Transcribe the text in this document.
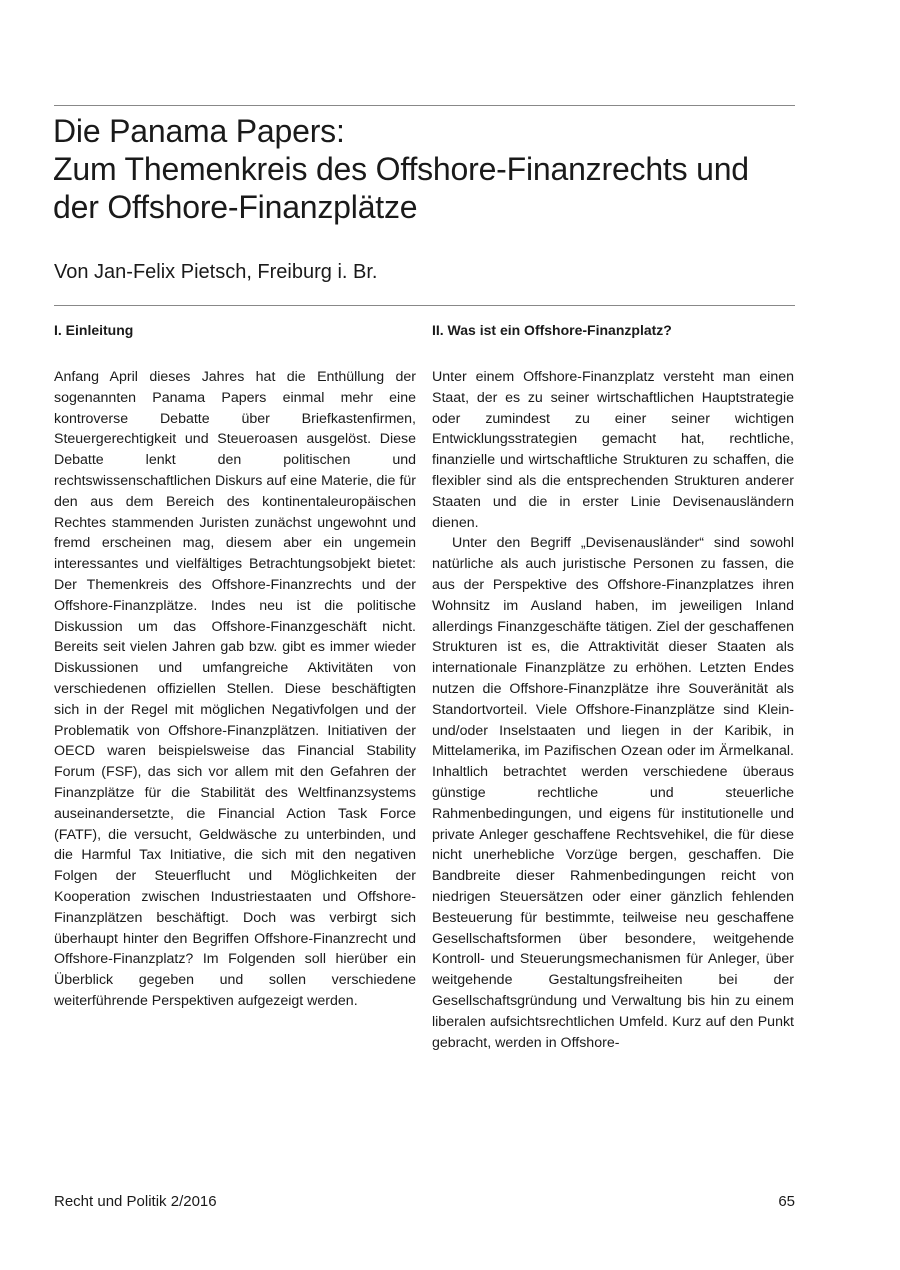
Die Panama Papers:
Zum Themenkreis des Offshore-Finanzrechts und
der Offshore-Finanzplätze

Von Jan-Felix Pietsch, Freiburg i. Br.

I. Einleitung

Anfang April dieses Jahres hat die Enthüllung der sogenannten Panama Papers einmal mehr eine kontroverse Debatte über Briefkastenfirmen, Steuergerechtigkeit und Steueroasen ausgelöst. Diese Debatte lenkt den politischen und rechtswissenschaftlichen Diskurs auf eine Materie, die für den aus dem Bereich des kontinentaleuropäischen Rechtes stammenden Juristen zunächst ungewohnt und fremd erscheinen mag, diesem aber ein ungemein interessantes und vielfältiges Betrachtungsobjekt bietet: Der Themenkreis des Offshore-Finanzrechts und der Offshore-Finanzplätze. Indes neu ist die politische Diskussion um das Offshore-Finanzgeschäft nicht. Bereits seit vielen Jahren gab bzw. gibt es immer wieder Diskussionen und umfangreiche Aktivitäten von verschiedenen offiziellen Stellen. Diese beschäftigten sich in der Regel mit möglichen Negativfolgen und der Problematik von Offshore-Finanzplätzen. Initiativen der OECD waren beispielsweise das Financial Stability Forum (FSF), das sich vor allem mit den Gefahren der Finanzplätze für die Stabilität des Weltfinanzsystems auseinandersetzte, die Financial Action Task Force (FATF), die versucht, Geldwäsche zu unterbinden, und die Harmful Tax Initiative, die sich mit den negativen Folgen der Steuerflucht und Möglichkeiten der Kooperation zwischen Industriestaaten und Offshore-Finanzplätzen beschäftigt. Doch was verbirgt sich überhaupt hinter den Begriffen Offshore-Finanzrecht und Offshore-Finanzplatz? Im Folgenden soll hierüber ein Überblick gegeben und sollen verschiedene weiterführende Perspektiven aufgezeigt werden.

II. Was ist ein Offshore-Finanzplatz?

Unter einem Offshore-Finanzplatz versteht man einen Staat, der es zu seiner wirtschaftlichen Hauptstrategie oder zumindest zu einer seiner wichtigen Entwicklungsstrategien gemacht hat, rechtliche, finanzielle und wirtschaftliche Strukturen zu schaffen, die flexibler sind als die entsprechenden Strukturen anderer Staaten und die in erster Linie Devisenausländern dienen.

Unter den Begriff „Devisenausländer“ sind sowohl natürliche als auch juristische Personen zu fassen, die aus der Perspektive des Offshore-Finanzplatzes ihren Wohnsitz im Ausland haben, im jeweiligen Inland allerdings Finanzgeschäfte tätigen. Ziel der geschaffenen Strukturen ist es, die Attraktivität dieser Staaten als internationale Finanzplätze zu erhöhen. Letzten Endes nutzen die Offshore-Finanzplätze ihre Souveränität als Standortvorteil. Viele Offshore-Finanzplätze sind Klein- und/oder Inselstaaten und liegen in der Karibik, in Mittelamerika, im Pazifischen Ozean oder im Ärmelkanal. Inhaltlich betrachtet werden verschiedene überaus günstige rechtliche und steuerliche Rahmenbedingungen, und eigens für institutionelle und private Anleger geschaffene Rechtsvehikel, die für diese nicht unerhebliche Vorzüge bergen, geschaffen. Die Bandbreite dieser Rahmenbedingungen reicht von niedrigen Steuersätzen oder einer gänzlich fehlenden Besteuerung für bestimmte, teilweise neu geschaffene Gesellschaftsformen über besondere, weitgehende Kontroll- und Steuerungsmechanismen für Anleger, über weitgehende Gestaltungsfreiheiten bei der Gesellschaftsgründung und Verwaltung bis hin zu einem liberalen aufsichtsrechtlichen Umfeld. Kurz auf den Punkt gebracht, werden in Offshore-

Recht und Politik 2/2016	65
